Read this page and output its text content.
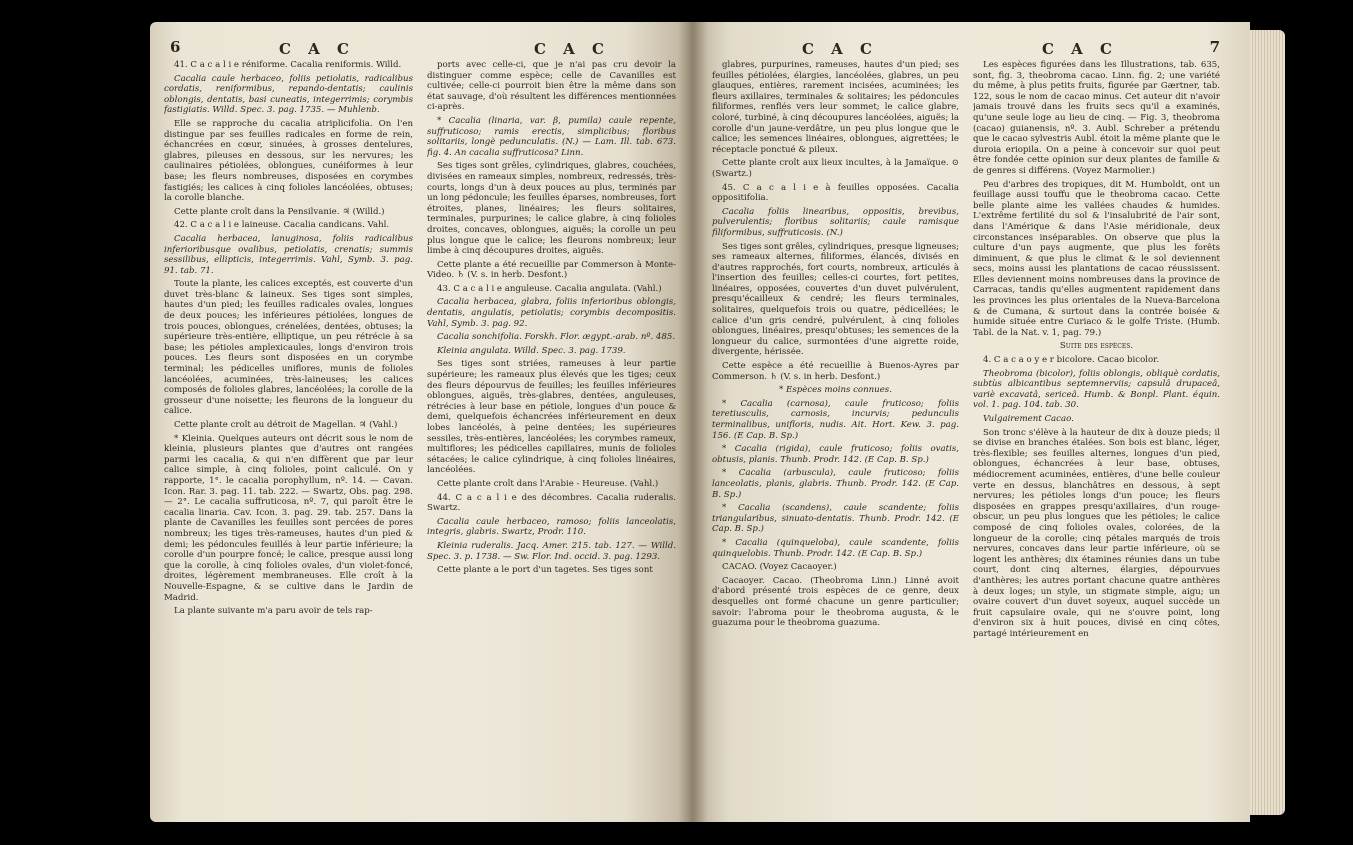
6	C A C	C A C

41. C a c a l i e réniforme. Cacalia reniformis. Willd.

Cacalia caule herbaceo, foliis petiolatis, radicalibus cordatis, reniformibus, repando-dentatis; caulinis oblongis, dentatis, basi cuneatis, integerrimis; corymbis fastigiatis. Willd. Spec. 3. pag. 1735. — Muhlenb.

Elle se rapproche du cacalia atriplicifolia. On l'en distingue par ses feuilles radicales en forme de rein, échancrées en cœur, sinuées, à grosses dentelures, glabres, pileuses en dessous, sur les nervures; les caulinaires pétiolées, oblongues, cunéiformes à leur base; les fleurs nombreuses, disposées en corymbes fastigiés; les calices à cinq folioles lancéolées, obtuses; la corolle blanche.

Cette plante croît dans la Pensilvanie. ♃ (Willd.)

42. C a c a l i e laineuse. Cacalia candicans. Vahl.

Cacalia herbacea, lanuginosa, foliis radicalibus inferioribusque ovalibus, petiolatis, crenatis; summis sessilibus, ellipticis, integerrimis. Vahl, Symb. 3. pag. 91. tab. 71.

Toute la plante, les calices exceptés, est couverte d'un duvet très-blanc & laineux. Ses tiges sont simples, hautes d'un pied; les feuilles radicales ovales, longues de deux pouces; les inférieures pétiolées, longues de trois pouces, oblongues, crénelées, dentées, obtuses; la supérieure très-entière, elliptique, un peu rétrécie à sa base; les pétioles amplexicaules, longs d'environ trois pouces. Les fleurs sont disposées en un corymbe terminal; les pédicelles uniflores, munis de folioles lancéolées, acuminées, très-laineuses; les calices composés de folioles glabres, lancéolées; la corolle de la grosseur d'une noisette; les fleurons de la longueur du calice.

Cette plante croît au détroit de Magellan. ♃ (Vahl.)

* Kleinia. Quelques auteurs ont décrit sous le nom de kleinia, plusieurs plantes que d'autres ont rangées parmi les cacalia, & qui n'en diffèrent que par leur calice simple, à cinq folioles, point caliculé. On y rapporte, 1°. le cacalia porophyllum, nº. 14. — Cavan. Icon. Rar. 3. pag. 11. tab. 222. — Swartz, Obs. pag. 298. — 2°. Le cacalia suffruticosa, nº. 7, qui paroît être le cacalia linaria. Cav. Icon. 3. pag. 29. tab. 257. Dans la plante de Cavanilles les feuilles sont percées de pores nombreux; les tiges très-rameuses, hautes d'un pied & demi; les pédoncules feuillés à leur partie inférieure; la corolle d'un pourpre foncé; le calice, presque aussi long que la corolle, à cinq folioles ovales, d'un violet-foncé, droites, légèrement membraneuses. Elle croît à la Nouvelle-Espagne, & se cultive dans le Jardin de Madrid.

La plante suivante m'a paru avoir de tels rap-

ports avec celle-ci, que je n'ai pas cru devoir la distinguer comme espèce; celle de Cavanilles est cultivée; celle-ci pourroit bien être la même dans son état sauvage, d'où résultent les différences mentionnées ci-après.

* Cacalia (linaria, var. β, pumila) caule repente, suffruticoso; ramis erectis, simplicibus; floribus solitariis, longè pedunculatis. (N.) — Lam. Ill. tab. 673. fig. 4. An cacalia suffruticosa? Linn.

Ses tiges sont grêles, cylindriques, glabres, couchées, divisées en rameaux simples, nombreux, redressés, très-courts, longs d'un à deux pouces au plus, terminés par un long pédoncule; les feuilles éparses, nombreuses, fort étroites, planes, linéaires; les fleurs solitaires, terminales, purpurines; le calice glabre, à cinq folioles droites, concaves, oblongues, aiguës; la corolle un peu plus longue que le calice; les fleurons nombreux; leur limbe à cinq découpures droites, aiguës.

Cette plante a été recueillie par Commerson à Monte-Video. ♄ (V. s. in herb. Desfont.)

43. C a c a l i e anguleuse. Cacalia angulata. (Vahl.)

Cacalia herbacea, glabra, foliis inferioribus oblongis, dentatis, angulatis, petiolatis; corymbis decompositis. Vahl, Symb. 3. pag. 92.

Cacalia sonchifolia. Forskh. Flor. ægypt.-arab. nº. 485.

Kleinia angulata. Willd. Spec. 3. pag. 1739.

Ses tiges sont striées, rameuses à leur partie supérieure; les rameaux plus élevés que les tiges; ceux des fleurs dépourvus de feuilles; les feuilles inférieures oblongues, aiguës, très-glabres, dentées, anguleuses, rétrécies à leur base en pétiole, longues d'un pouce & demi, quelquefois échancrées inférieurement en deux lobes lancéolés, à peine dentées; les supérieures sessiles, très-entières, lancéolées; les corymbes rameux, multiflores; les pédicelles capillaires, munis de folioles sétacées; le calice cylindrique, à cinq folioles linéaires, lancéolées.

Cette plante croît dans l'Arabie - Heureuse. (Vahl.)

44. C a c a l i e des décombres. Cacalia ruderalis. Swartz.

Cacalia caule herbaceo, ramoso; foliis lanceolatis, integris, glabris. Swartz, Prodr. 110.

Kleinia ruderalis. Jacq. Amer. 215. tab. 127. — Willd. Spec. 3. p. 1738. — Sw. Flor. Ind. occid. 3. pag. 1293.

Cette plante a le port d'un tagetes. Ses tiges sont

C A C	C A C	7

glabres, purpurines, rameuses, hautes d'un pied; ses feuilles pétiolées, élargies, lancéolées, glabres, un peu glauques, entières, rarement incisées, acuminées; les fleurs axillaires, terminales & solitaires; les pédoncules filiformes, renflés vers leur sommet; le calice glabre, coloré, turbiné, à cinq découpures lancéolées, aiguës; la corolle d'un jaune-verdâtre, un peu plus longue que le calice; les semences linéaires, oblongues, aigrettées; le réceptacle ponctué & pileux.

Cette plante croît aux lieux incultes, à la Jamaïque. ⊙ (Swartz.)

45. C a c a l i e à feuilles opposées. Cacalia oppositifolia.

Cacalia foliis linearibus, oppositis, brevibus, pulverulentis; floribus solitariis; caule ramisque filiformibus, suffruticosis. (N.)

Ses tiges sont grêles, cylindriques, presque ligneuses; ses rameaux alternes, filiformes, élancés, divisés en d'autres rapprochés, fort courts, nombreux, articulés à l'insertion des feuilles; celles-ci courtes, fort petites, linéaires, opposées, couvertes d'un duvet pulvérulent, presqu'écailleux & cendré; les fleurs terminales, solitaires, quelquefois trois ou quatre, pédicellées; le calice d'un gris cendré, pulvérulent, à cinq folioles oblongues, linéaires, presqu'obtuses; les semences de la longueur du calice, surmontées d'une aigrette roide, divergente, hérissée.

Cette espèce a été recueillie à Buenos-Ayres par Commerson. ♄ (V. s. in herb. Desfont.)

* Espèces moins connues.

* Cacalia (carnosa), caule fruticoso; foliis teretiusculis, carnosis, incurvis; pedunculis terminalibus, unifloris, nudis. Ait. Hort. Kew. 3. pag. 156. (E Cap. B. Sp.)

* Cacalia (rigida), caule fruticoso; foliis ovatis, obtusis, planis. Thunb. Prodr. 142. (E Cap. B. Sp.)

* Cacalia (arbuscula), caule fruticoso; foliis lanceolatis, planis, glabris. Thunb. Prodr. 142. (E Cap. B. Sp.)

* Cacalia (scandens), caule scandente; foliis triangularibus, sinuato-dentatis. Thunb. Prodr. 142. (E Cap. B. Sp.)

* Cacalia (quinqueloba), caule scandente, foliis quinquelobis. Thunb. Prodr. 142. (E Cap. B. Sp.)

CACAO. (Voyez Cacaoyer.)

Cacaoyer. Cacao. (Theobroma Linn.) Linné avoit d'abord présenté trois espèces de ce genre, deux desquelles ont formé chacune un genre particulier; savoir: l'abroma pour le theobroma augusta, & le guazuma pour le theobroma guazuma.

Les espèces figurées dans les Illustrations, tab. 635, sont, fig. 3, theobroma cacao. Linn. fig. 2; une variété du même, à plus petits fruits, figurée par Gærtner, tab. 122, sous le nom de cacao minus. Cet auteur dit n'avoir jamais trouvé dans les fruits secs qu'il a examinés, qu'une seule loge au lieu de cinq. — Fig. 3, theobroma (cacao) guianensis, nº. 3. Aubl. Schreber a prétendu que le cacao sylvestris Aubl. étoit la même plante que le duroia eriopila. On a peine à concevoir sur quoi peut être fondée cette opinion sur deux plantes de famille & de genres si différens. (Voyez Marmolier.)

Peu d'arbres des tropiques, dit M. Humboldt, ont un feuillage aussi touffu que le theobroma cacao. Cette belle plante aime les vallées chaudes & humides. L'extrême fertilité du sol & l'insalubrité de l'air sont, dans l'Amérique & dans l'Asie méridionale, deux circonstances inséparables. On observe que plus la culture d'un pays augmente, que plus les forêts diminuent, & que plus le climat & le sol deviennent secs, moins aussi les plantations de cacao réussissent. Elles deviennent moins nombreuses dans la province de Carracas, tandis qu'elles augmentent rapidement dans les provinces les plus orientales de la Nueva-Barcelona & de Cumana, & surtout dans la contrée boisée & humide située entre Curiaco & le golfe Triste. (Humb. Tabl. de la Nat. v. 1, pag. 79.)

Suite des espèces.

4. C a c a o y e r bicolore. Cacao bicolor.

Theobroma (bicolor), foliis oblongis, obliquè cordatis, subtùs albicantibus septemnerviis; capsulâ drupaceâ, variè excavatâ, sericeâ. Humb. & Bonpl. Plant. équin. vol. 1. pag. 104. tab. 30.

Vulgairement Cacao.

Son tronc s'élève à la hauteur de dix à douze pieds; il se divise en branches étalées. Son bois est blanc, léger, très-flexible; ses feuilles alternes, longues d'un pied, oblongues, échancrées à leur base, obtuses, médiocrement acuminées, entières, d'une belle couleur verte en dessus, blanchâtres en dessous, à sept nervures; les pétioles longs d'un pouce; les fleurs disposées en grappes presqu'axillaires, d'un rouge-obscur, un peu plus longues que les pétioles; le calice composé de cinq folioles ovales, colorées, de la longueur de la corolle; cinq pétales marqués de trois nervures, concaves dans leur partie inférieure, où se logent les anthères; dix étamines réunies dans un tube court, dont cinq alternes, élargies, dépourvues d'anthères; les autres portant chacune quatre anthères à deux loges; un style, un stigmate simple, aigu; un ovaire couvert d'un duvet soyeux, auquel succède un fruit capsulaire ovale, qui ne s'ouvre point, long d'environ six à huit pouces, divisé en cinq côtes, partagé intérieurement en
